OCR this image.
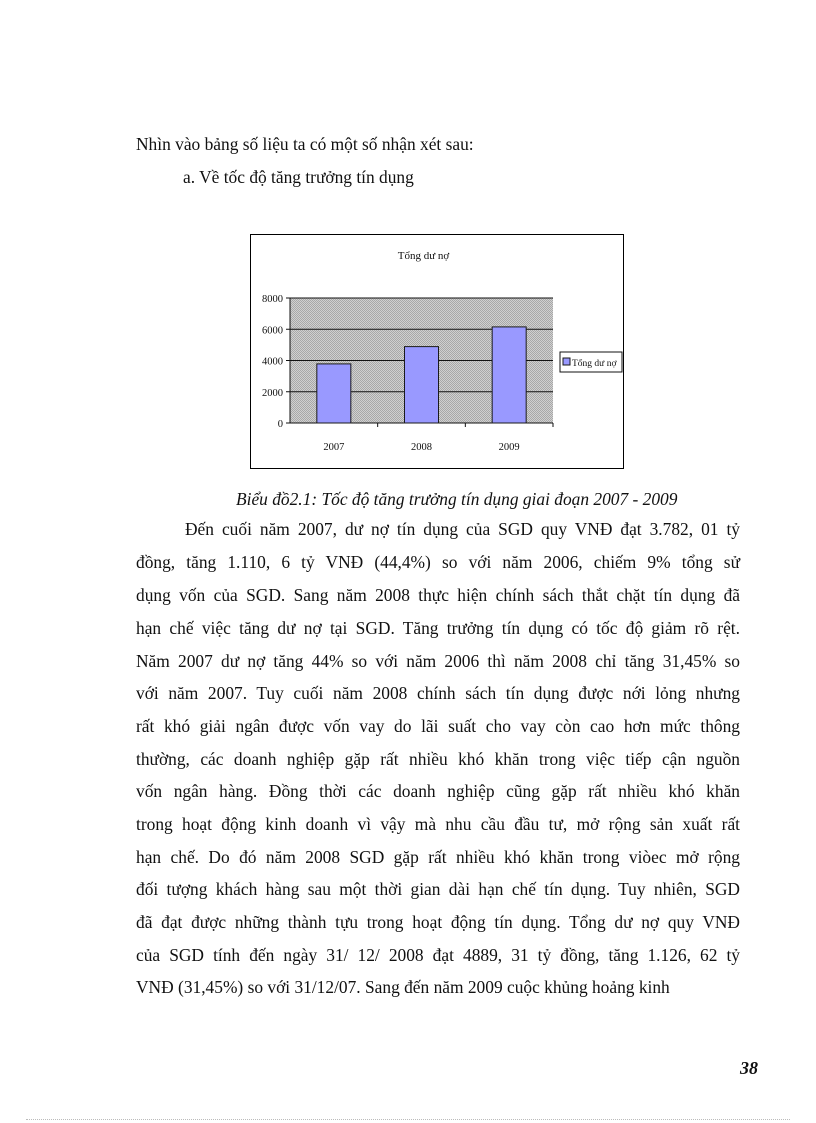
Nhìn vào bảng số liệu ta có một số nhận xét sau:

a. Về tốc độ tăng trưởng tín dụng

Tổng dư nợ
0
2000
4000
6000
8000
2007	2008	2009
Tổng dư nợ

Biểu đồ2.1: Tốc độ tăng trưởng tín dụng giai đoạn 2007 - 2009

Đến cuối năm 2007, dư nợ tín dụng của SGD quy VNĐ đạt 3.782, 01 tỷ

đồng, tăng 1.110, 6 tỷ VNĐ (44,4%) so với năm 2006, chiếm 9% tổng sử

dụng vốn của SGD. Sang năm 2008 thực hiện chính sách thắt chặt tín dụng đã

hạn chế việc tăng dư nợ tại SGD. Tăng trưởng tín dụng có tốc độ giảm rõ rệt.

Năm 2007 dư nợ tăng 44% so với năm 2006 thì năm 2008 chỉ tăng 31,45% so

với năm 2007. Tuy cuối năm 2008 chính sách tín dụng được nới lỏng nhưng

rất khó giải ngân được vốn vay do lãi suất cho vay còn cao hơn mức thông

thường, các doanh nghiệp gặp rất nhiều khó khăn trong việc tiếp cận nguồn

vốn ngân hàng. Đồng thời các doanh nghiệp cũng gặp rất nhiều khó khăn

trong hoạt động kinh doanh vì vậy mà nhu cầu đầu tư, mở rộng sản xuất rất

hạn chế. Do đó năm 2008 SGD gặp rất nhiều khó khăn trong viòec mở rộng

đối tượng khách hàng sau một thời gian dài hạn chế tín dụng. Tuy nhiên, SGD

đã đạt được những thành tựu trong hoạt động tín dụng. Tổng dư nợ quy VNĐ

của SGD tính đến ngày 31/ 12/ 2008 đạt 4889, 31 tỷ đồng, tăng 1.126, 62 tỷ

VNĐ (31,45%) so với 31/12/07. Sang đến năm 2009 cuộc khủng hoảng kinh

38
